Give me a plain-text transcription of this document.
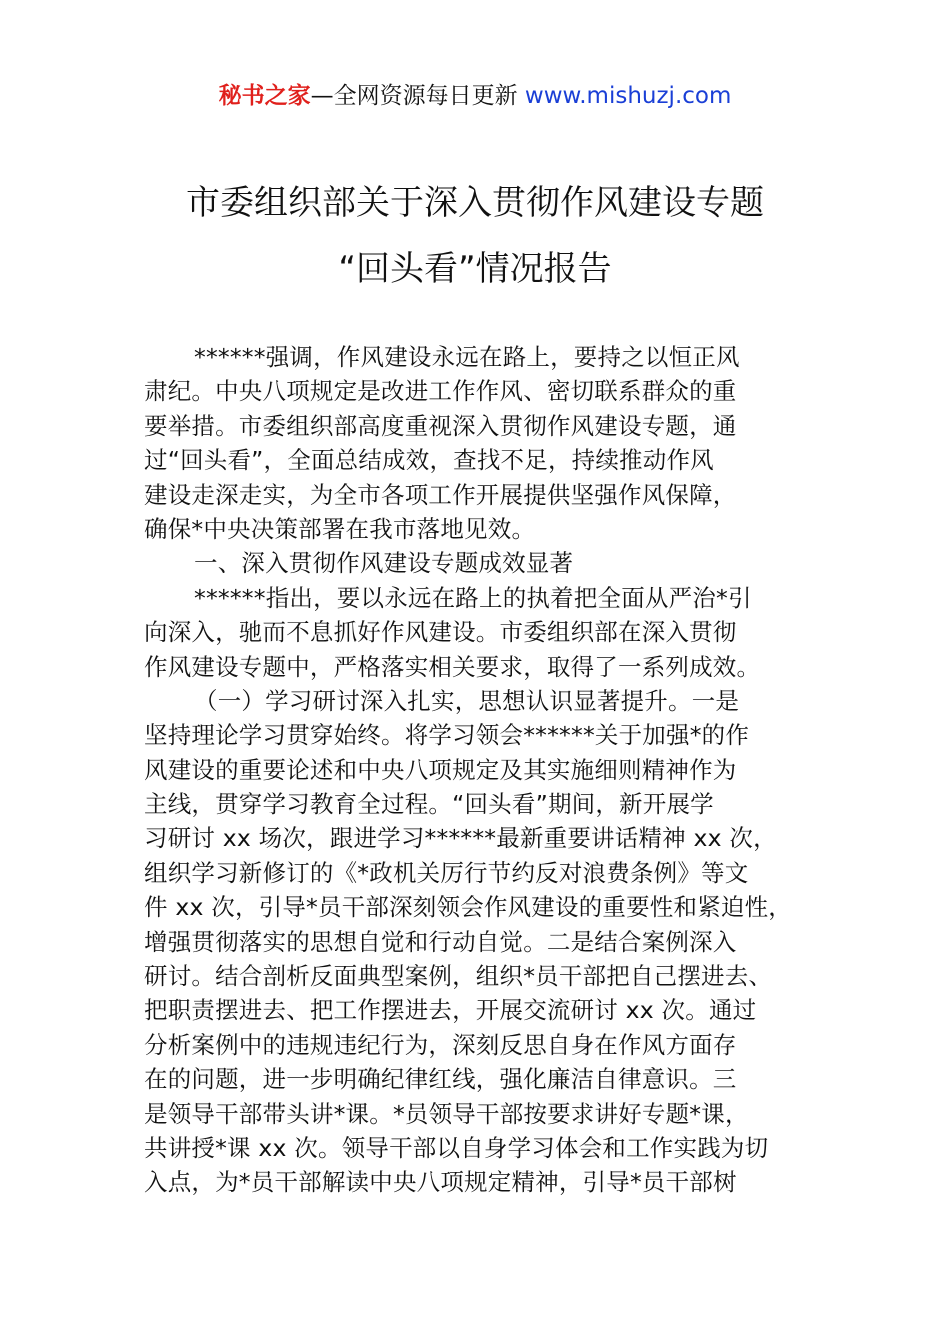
秘书之家—全网资源每日更新 www.mishuzj.com
市委组织部关于深入贯彻作风建设专题
“回头看”情况报告
******强调，作风建设永远在路上，要持之以恒正风
肃纪。中央八项规定是改进工作作风、密切联系群众的重
要举措。市委组织部高度重视深入贯彻作风建设专题，通
过“回头看”，全面总结成效，查找不足，持续推动作风
建设走深走实，为全市各项工作开展提供坚强作风保障，
确保*中央决策部署在我市落地见效。
一、深入贯彻作风建设专题成效显著
******指出，要以永远在路上的执着把全面从严治*引
向深入，驰而不息抓好作风建设。市委组织部在深入贯彻
作风建设专题中，严格落实相关要求，取得了一系列成效。
（一）学习研讨深入扎实，思想认识显著提升。一是
坚持理论学习贯穿始终。将学习领会******关于加强*的作
风建设的重要论述和中央八项规定及其实施细则精神作为
主线，贯穿学习教育全过程。“回头看”期间，新开展学
习研讨 xx 场次，跟进学习******最新重要讲话精神 xx 次，
组织学习新修订的《*政机关厉行节约反对浪费条例》等文
件 xx 次，引导*员干部深刻领会作风建设的重要性和紧迫性，
增强贯彻落实的思想自觉和行动自觉。二是结合案例深入
研讨。结合剖析反面典型案例，组织*员干部把自己摆进去、
把职责摆进去、把工作摆进去，开展交流研讨 xx 次。通过
分析案例中的违规违纪行为，深刻反思自身在作风方面存
在的问题，进一步明确纪律红线，强化廉洁自律意识。三
是领导干部带头讲*课。*员领导干部按要求讲好专题*课，
共讲授*课 xx 次。领导干部以自身学习体会和工作实践为切
入点，为*员干部解读中央八项规定精神，引导*员干部树
